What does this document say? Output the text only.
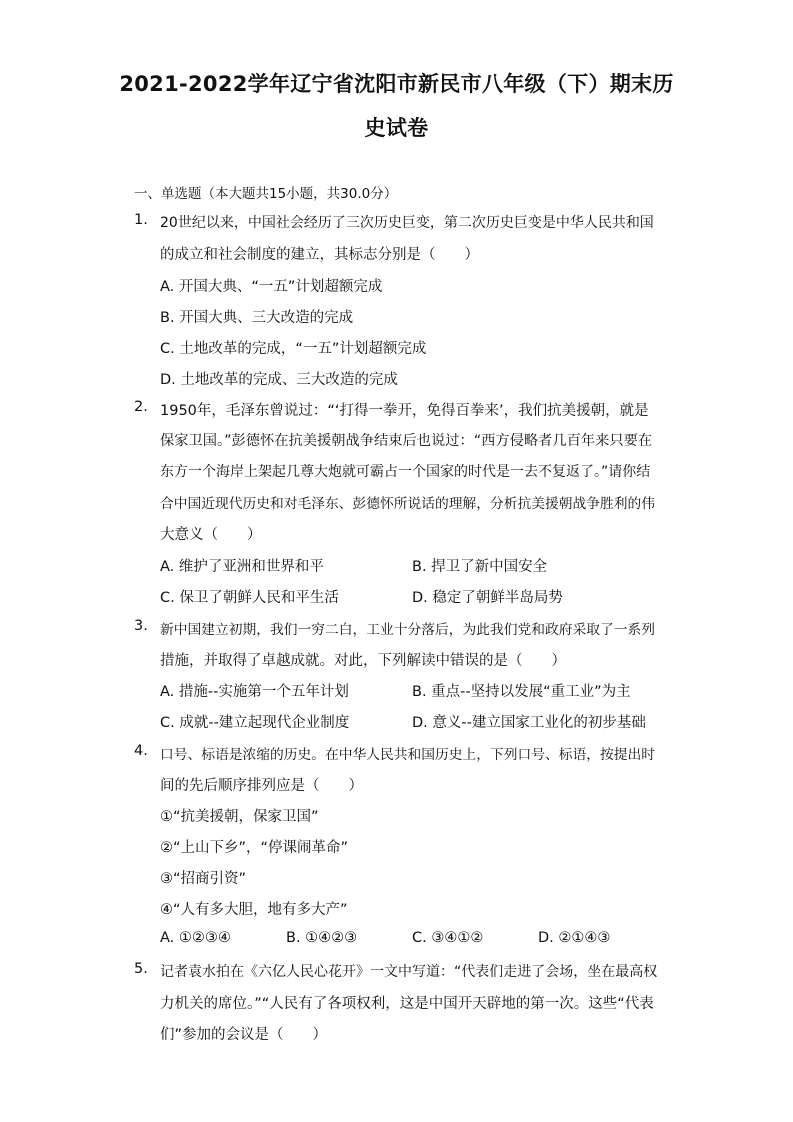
2021-2022学年辽宁省沈阳市新民市八年级（下）期末历
史试卷
一、单选题（本大题共15小题，共30.0分）
1. 20世纪以来，中国社会经历了三次历史巨变，第二次历史巨变是中华人民共和国
的成立和社会制度的建立，其标志分别是（　　）
A. 开国大典、“一五”计划超额完成
B. 开国大典、三大改造的完成
C. 土地改革的完成，“一五”计划超额完成
D. 土地改革的完成、三大改造的完成
2. 1950年，毛泽东曾说过：“‘打得一拳开，免得百拳来’，我们抗美援朝，就是
保家卫国。”彭德怀在抗美援朝战争结束后也说过：“西方侵略者几百年来只要在
东方一个海岸上架起几尊大炮就可霸占一个国家的时代是一去不复返了。”请你结
合中国近现代历史和对毛泽东、彭德怀所说话的理解，分析抗美援朝战争胜利的伟
大意义（　　）
A. 维护了亚洲和世界和平	B. 捍卫了新中国安全
C. 保卫了朝鲜人民和平生活	D. 稳定了朝鲜半岛局势
3. 新中国建立初期，我们一穷二白，工业十分落后，为此我们党和政府采取了一系列
措施，并取得了卓越成就。对此，下列解读中错误的是（　　）
A. 措施--实施第一个五年计划	B. 重点--坚持以发展“重工业”为主
C. 成就--建立起现代企业制度	D. 意义--建立国家工业化的初步基础
4. 口号、标语是浓缩的历史。在中华人民共和国历史上，下列口号、标语，按提出时
间的先后顺序排列应是（　　）
①“抗美援朝，保家卫国”
②“上山下乡”，“停课闹革命”
③“招商引资”
④“人有多大胆，地有多大产”
A. ①②③④	B. ①④②③	C. ③④①②	D. ②①④③
5. 记者袁水拍在《六亿人民心花开》一文中写道：“代表们走进了会场，坐在最高权
力机关的席位。”“人民有了各项权利，这是中国开天辟地的第一次。这些“代表
们”参加的会议是（　　）
